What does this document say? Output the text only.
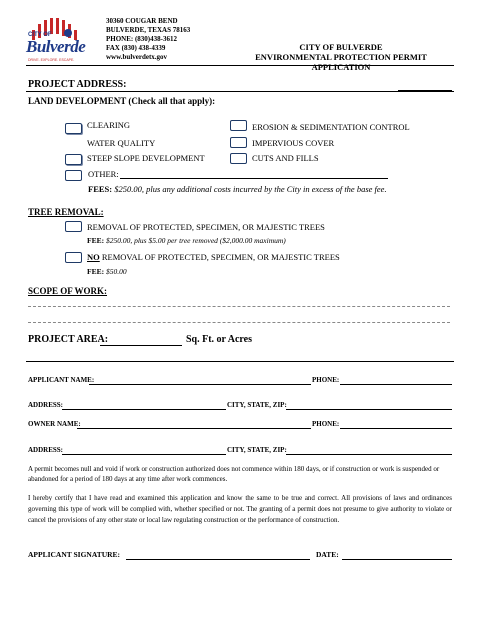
CITY OF
Bulverde
DRIVE. EXPLORE. ESCAPE.
30360 COUGAR BEND
BULVERDE, TEXAS 78163
PHONE: (830)438-3612
FAX (830) 438-4339
www.bulverdetx.gov
CITY OF BULVERDE
ENVIRONMENTAL PROTECTION PERMIT APPLICATION
PROJECT ADDRESS:
LAND DEVELOPMENT (Check all that apply):
CLEARING
WATER QUALITY
STEEP SLOPE DEVELOPMENT
EROSION & SEDIMENTATION CONTROL
IMPERVIOUS COVER
CUTS AND FILLS
OTHER:
FEES: $250.00, plus any additional costs incurred by the City in excess of the base fee.
TREE REMOVAL:
REMOVAL OF PROTECTED, SPECIMEN, OR MAJESTIC TREES
FEE: $250.00, plus $5.00 per tree removed ($2,000.00 maximum)
NO REMOVAL OF PROTECTED, SPECIMEN, OR MAJESTIC TREES
FEE: $50.00
SCOPE OF WORK:
PROJECT AREA:	Sq. Ft. or Acres
APPLICANT NAME:	PHONE:
ADDRESS:	CITY, STATE, ZIP:
OWNER NAME:	PHONE:
ADDRESS:	CITY, STATE, ZIP:
A permit becomes null and void if work or construction authorized does not commence within 180 days, or if construction or work is suspended or abandoned for a period of 180 days at any time after work commences.
I hereby certify that I have read and examined this application and know the same to be true and correct. All provisions of laws and ordinances governing this type of work will be complied with, whether specified or not. The granting of a permit does not presume to give authority to violate or cancel the provisions of any other state or local law regulating construction or the performance of construction.
APPLICANT SIGNATURE:	DATE:
